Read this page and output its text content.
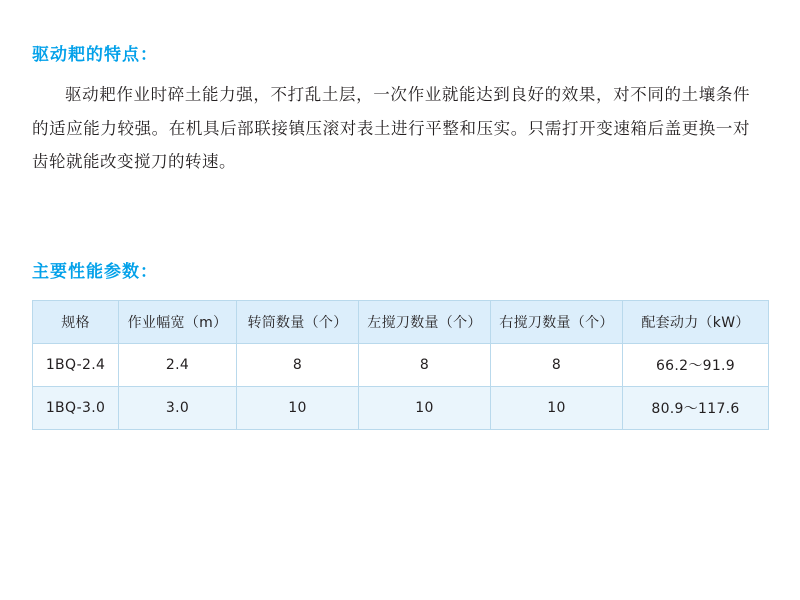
驱动耙的特点：

驱动耙作业时碎土能力强，不打乱土层，一次作业就能达到良好的效果，对不同的土壤条件的适应能力较强。在机具后部联接镇压滚对表土进行平整和压实。只需打开变速箱后盖更换一对齿轮就能改变搅刀的转速。

主要性能参数：
规格	作业幅宽（m）	转筒数量（个）	左搅刀数量（个）	右搅刀数量（个）	配套动力（kW）
1BQ-2.4	2.4	8	8	8	66.2～91.9
1BQ-3.0	3.0	10	10	10	80.9～117.6
